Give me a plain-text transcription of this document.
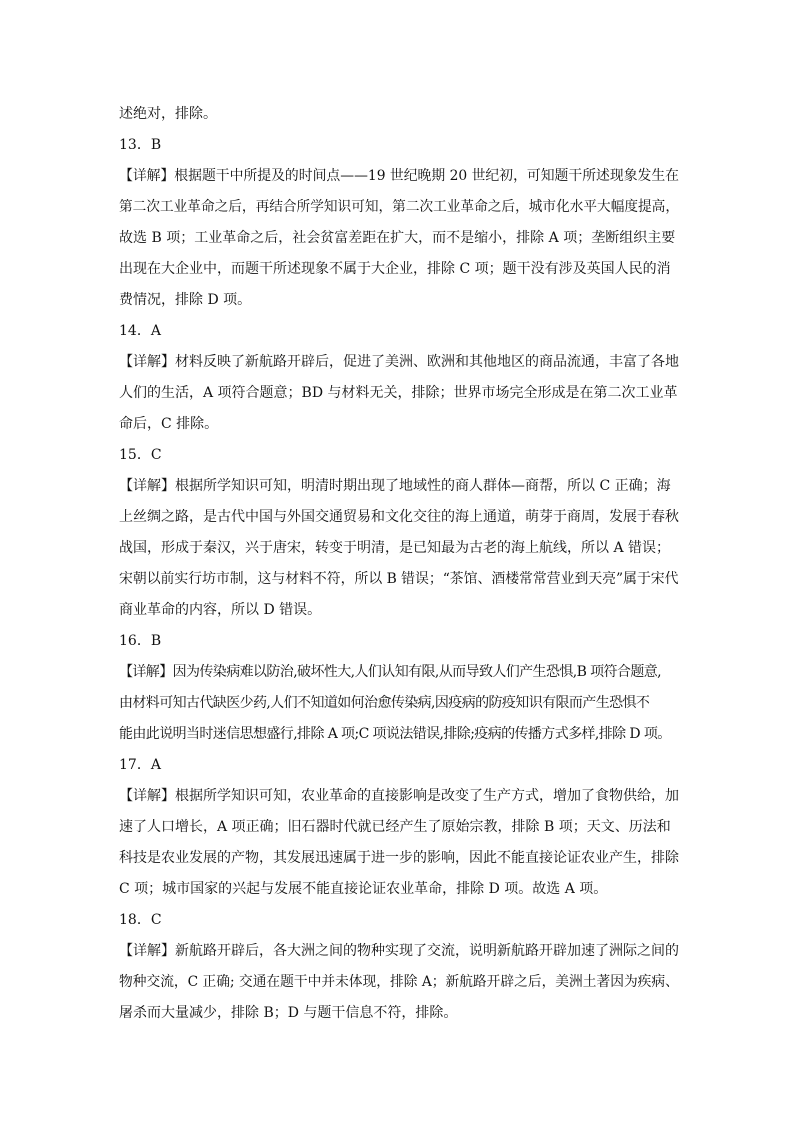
述绝对，排除。
13．B
【详解】根据题干中所提及的时间点——19 世纪晚期 20 世纪初，可知题干所述现象发生在
第二次工业革命之后，再结合所学知识可知，第二次工业革命之后，城市化水平大幅度提高，
故选 B 项；工业革命之后，社会贫富差距在扩大，而不是缩小，排除 A 项；垄断组织主要
出现在大企业中，而题干所述现象不属于大企业，排除 C 项；题干没有涉及英国人民的消
费情况，排除 D 项。
14．A
【详解】材料反映了新航路开辟后，促进了美洲、欧洲和其他地区的商品流通，丰富了各地
人们的生活，A 项符合题意；BD 与材料无关，排除；世界市场完全形成是在第二次工业革
命后，C 排除。
15．C
【详解】根据所学知识可知，明清时期出现了地域性的商人群体—商帮，所以 C 正确；海
上丝绸之路，是古代中国与外国交通贸易和文化交往的海上通道，萌芽于商周，发展于春秋
战国，形成于秦汉，兴于唐宋，转变于明清，是已知最为古老的海上航线，所以 A 错误；
宋朝以前实行坊市制，这与材料不符，所以 B 错误；“茶馆、酒楼常常营业到天亮”属于宋代
商业革命的内容，所以 D 错误。
16．B
【详解】因为传染病难以防治,破坏性大,人们认知有限,从而导致人们产生恐惧,B 项符合题意,
由材料可知古代缺医少药,人们不知道如何治愈传染病,因疫病的防疫知识有限而产生恐惧不
能由此说明当时迷信思想盛行,排除 A 项;C 项说法错误,排除;疫病的传播方式多样,排除 D 项。
17．A
【详解】根据所学知识可知，农业革命的直接影响是改变了生产方式，增加了食物供给，加
速了人口增长，A 项正确；旧石器时代就已经产生了原始宗教，排除 B 项；天文、历法和
科技是农业发展的产物，其发展迅速属于进一步的影响，因此不能直接论证农业产生，排除
C 项；城市国家的兴起与发展不能直接论证农业革命，排除 D 项。故选 A 项。
18．C
【详解】新航路开辟后，各大洲之间的物种实现了交流，说明新航路开辟加速了洲际之间的
物种交流，C 正确; 交通在题干中并未体现，排除 A；新航路开辟之后，美洲土著因为疾病、
屠杀而大量减少，排除 B；D 与题干信息不符，排除。
